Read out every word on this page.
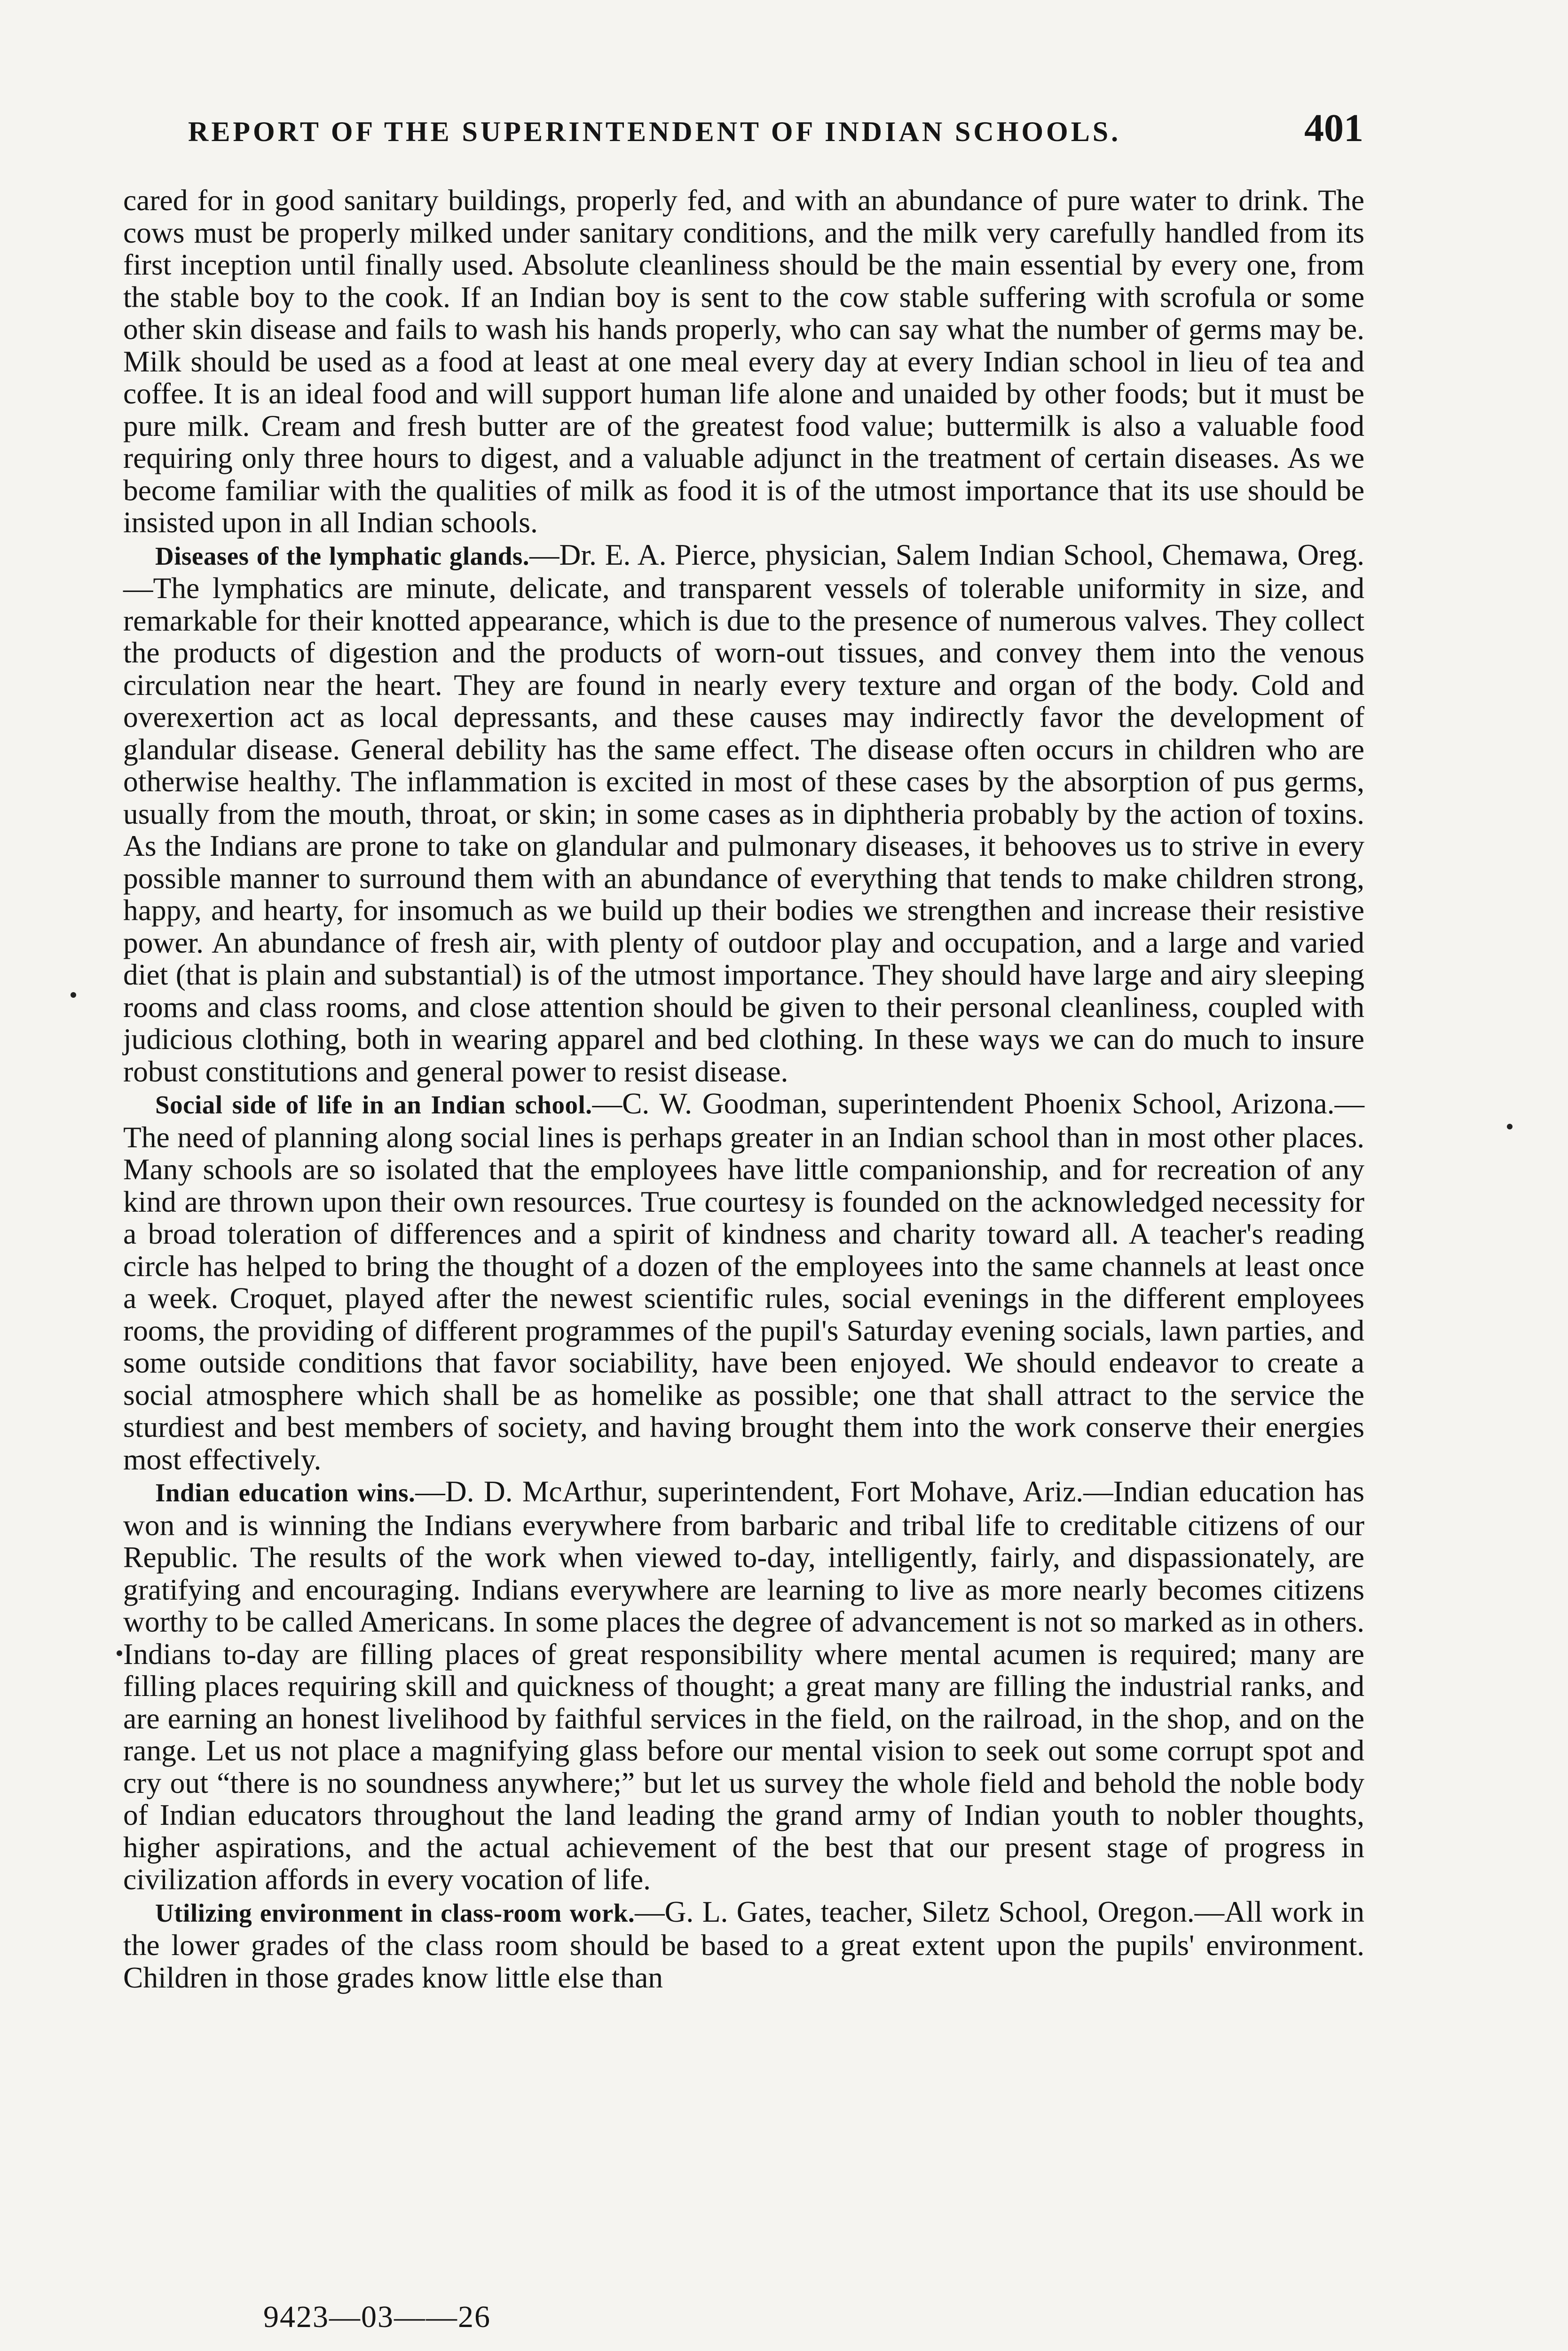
REPORT OF THE SUPERINTENDENT OF INDIAN SCHOOLS.	401

cared for in good sanitary buildings, properly fed, and with an abundance of pure water to drink. The cows must be properly milked under sanitary conditions, and the milk very carefully handled from its first inception until finally used. Absolute cleanliness should be the main essential by every one, from the stable boy to the cook. If an Indian boy is sent to the cow stable suffering with scrofula or some other skin disease and fails to wash his hands properly, who can say what the number of germs may be. Milk should be used as a food at least at one meal every day at every Indian school in lieu of tea and coffee. It is an ideal food and will support human life alone and unaided by other foods; but it must be pure milk. Cream and fresh butter are of the greatest food value; buttermilk is also a valuable food requiring only three hours to digest, and a valuable adjunct in the treatment of certain diseases. As we become familiar with the qualities of milk as food it is of the utmost importance that its use should be insisted upon in all Indian schools.

Diseases of the lymphatic glands.—Dr. E. A. Pierce, physician, Salem Indian School, Chemawa, Oreg.—The lymphatics are minute, delicate, and transparent vessels of tolerable uniformity in size, and remarkable for their knotted appearance, which is due to the presence of numerous valves. They collect the products of digestion and the products of worn-out tissues, and convey them into the venous circulation near the heart. They are found in nearly every texture and organ of the body. Cold and overexertion act as local depressants, and these causes may indirectly favor the development of glandular disease. General debility has the same effect. The disease often occurs in children who are otherwise healthy. The inflammation is excited in most of these cases by the absorption of pus germs, usually from the mouth, throat, or skin; in some cases as in diphtheria probably by the action of toxins. As the Indians are prone to take on glandular and pulmonary diseases, it behooves us to strive in every possible manner to surround them with an abundance of everything that tends to make children strong, happy, and hearty, for insomuch as we build up their bodies we strengthen and increase their resistive power. An abundance of fresh air, with plenty of outdoor play and occupation, and a large and varied diet (that is plain and substantial) is of the utmost importance. They should have large and airy sleeping rooms and class rooms, and close attention should be given to their personal cleanliness, coupled with judicious clothing, both in wearing apparel and bed clothing. In these ways we can do much to insure robust constitutions and general power to resist disease.

Social side of life in an Indian school.—C. W. Goodman, superintendent Phoenix School, Arizona.—The need of planning along social lines is perhaps greater in an Indian school than in most other places. Many schools are so isolated that the employees have little companionship, and for recreation of any kind are thrown upon their own resources. True courtesy is founded on the acknowledged necessity for a broad toleration of differences and a spirit of kindness and charity toward all. A teacher's reading circle has helped to bring the thought of a dozen of the employees into the same channels at least once a week. Croquet, played after the newest scientific rules, social evenings in the different employees rooms, the providing of different programmes of the pupil's Saturday evening socials, lawn parties, and some outside conditions that favor sociability, have been enjoyed. We should endeavor to create a social atmosphere which shall be as homelike as possible; one that shall attract to the service the sturdiest and best members of society, and having brought them into the work conserve their energies most effectively.

Indian education wins.—D. D. McArthur, superintendent, Fort Mohave, Ariz.—Indian education has won and is winning the Indians everywhere from barbaric and tribal life to creditable citizens of our Republic. The results of the work when viewed to-day, intelligently, fairly, and dispassionately, are gratifying and encouraging. Indians everywhere are learning to live as more nearly becomes citizens worthy to be called Americans. In some places the degree of advancement is not so marked as in others. Indians to-day are filling places of great responsibility where mental acumen is required; many are filling places requiring skill and quickness of thought; a great many are filling the industrial ranks, and are earning an honest livelihood by faithful services in the field, on the railroad, in the shop, and on the range. Let us not place a magnifying glass before our mental vision to seek out some corrupt spot and cry out “there is no soundness anywhere;” but let us survey the whole field and behold the noble body of Indian educators throughout the land leading the grand army of Indian youth to nobler thoughts, higher aspirations, and the actual achievement of the best that our present stage of progress in civilization affords in every vocation of life.

Utilizing environment in class-room work.—G. L. Gates, teacher, Siletz School, Oregon.—All work in the lower grades of the class room should be based to a great extent upon the pupils' environment. Children in those grades know little else than

9423—03——26
